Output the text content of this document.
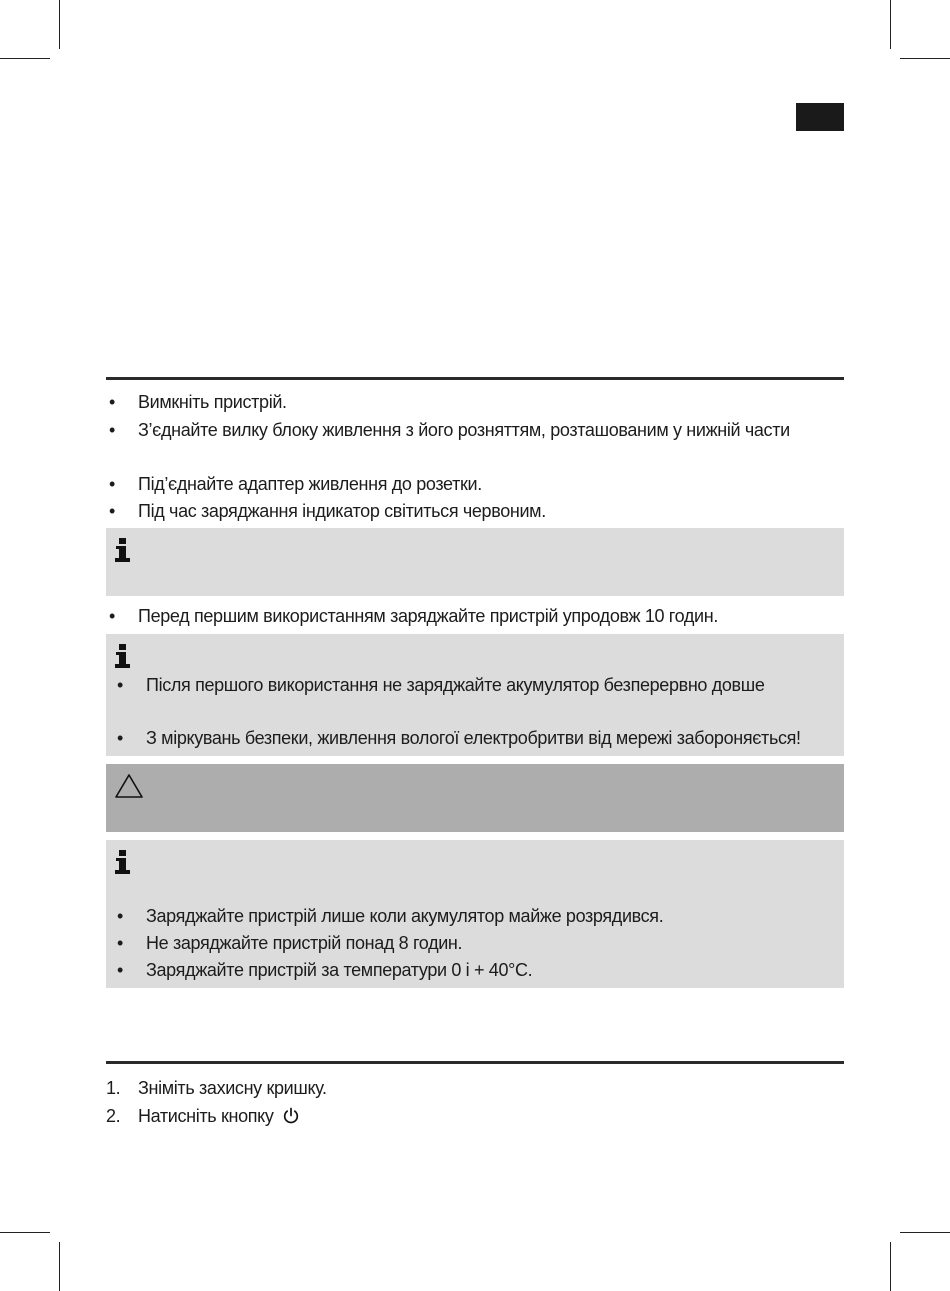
• Вимкніть пристрій.
• З’єднайте вилку блоку живлення з його розняттям, розташованим у нижній части
• Під’єднайте адаптер живлення до розетки.
• Під час заряджання індикатор світиться червоним.
• Перед першим використанням заряджайте пристрій упродовж 10 годин.
• Після першого використання не заряджайте акумулятор безперервно довше
• З міркувань безпеки, живлення вологої електробритви від мережі забороняється!
• Заряджайте пристрій лише коли акумулятор майже розрядився.
• Не заряджайте пристрій понад 8 годин.
• Заряджайте пристрій за температури 0 і + 40°C.
1. Зніміть захисну кришку.
2. Натисніть кнопку
